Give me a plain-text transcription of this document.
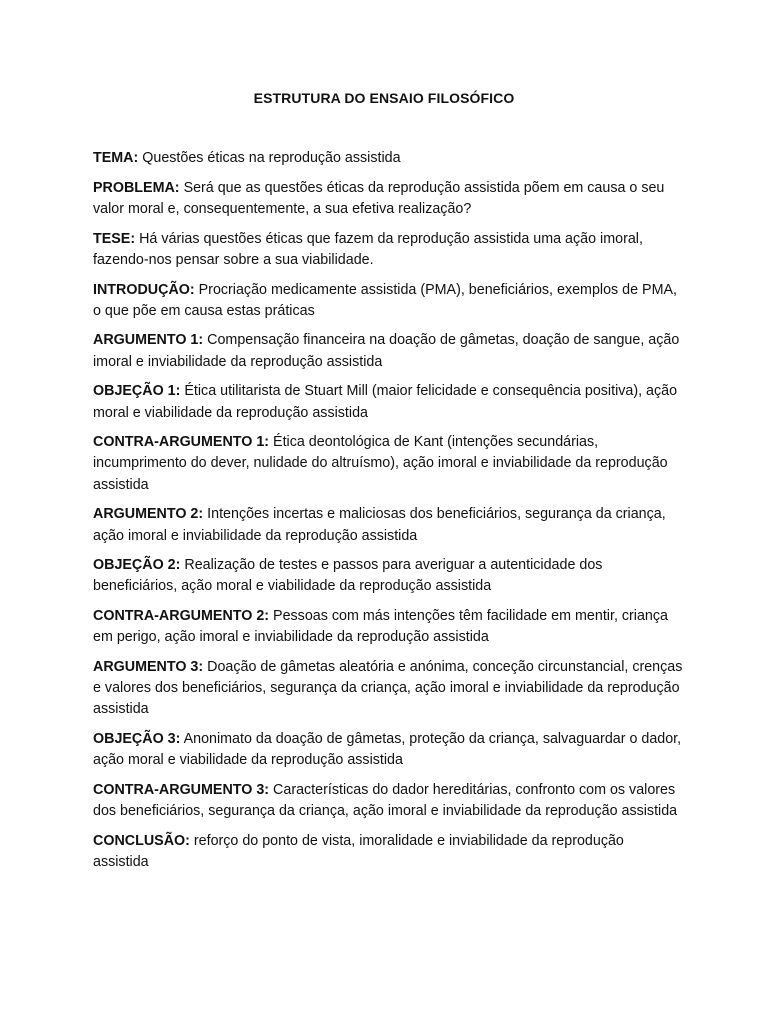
ESTRUTURA DO ENSAIO FILOSÓFICO

TEMA: Questões éticas na reprodução assistida

PROBLEMA: Será que as questões éticas da reprodução assistida põem em causa o seu valor moral e, consequentemente, a sua efetiva realização?

TESE: Há várias questões éticas que fazem da reprodução assistida uma ação imoral, fazendo-nos pensar sobre a sua viabilidade.

INTRODUÇÃO: Procriação medicamente assistida (PMA), beneficiários, exemplos de PMA, o que põe em causa estas práticas

ARGUMENTO 1: Compensação financeira na doação de gâmetas, doação de sangue, ação imoral e inviabilidade da reprodução assistida

OBJEÇÃO 1: Ética utilitarista de Stuart Mill (maior felicidade e consequência positiva), ação moral e viabilidade da reprodução assistida

CONTRA-ARGUMENTO 1: Ética deontológica de Kant (intenções secundárias, incumprimento do dever, nulidade do altruísmo), ação imoral e inviabilidade da reprodução assistida

ARGUMENTO 2: Intenções incertas e maliciosas dos beneficiários, segurança da criança, ação imoral e inviabilidade da reprodução assistida

OBJEÇÃO 2: Realização de testes e passos para averiguar a autenticidade dos beneficiários, ação moral e viabilidade da reprodução assistida

CONTRA-ARGUMENTO 2: Pessoas com más intenções têm facilidade em mentir, criança em perigo, ação imoral e inviabilidade da reprodução assistida

ARGUMENTO 3: Doação de gâmetas aleatória e anónima, conceção circunstancial, crenças e valores dos beneficiários, segurança da criança, ação imoral e inviabilidade da reprodução assistida

OBJEÇÃO 3: Anonimato da doação de gâmetas, proteção da criança, salvaguardar o dador, ação moral e viabilidade da reprodução assistida

CONTRA-ARGUMENTO 3: Características do dador hereditárias, confronto com os valores dos beneficiários, segurança da criança, ação imoral e inviabilidade da reprodução assistida

CONCLUSÃO: reforço do ponto de vista, imoralidade e inviabilidade da reprodução assistida
